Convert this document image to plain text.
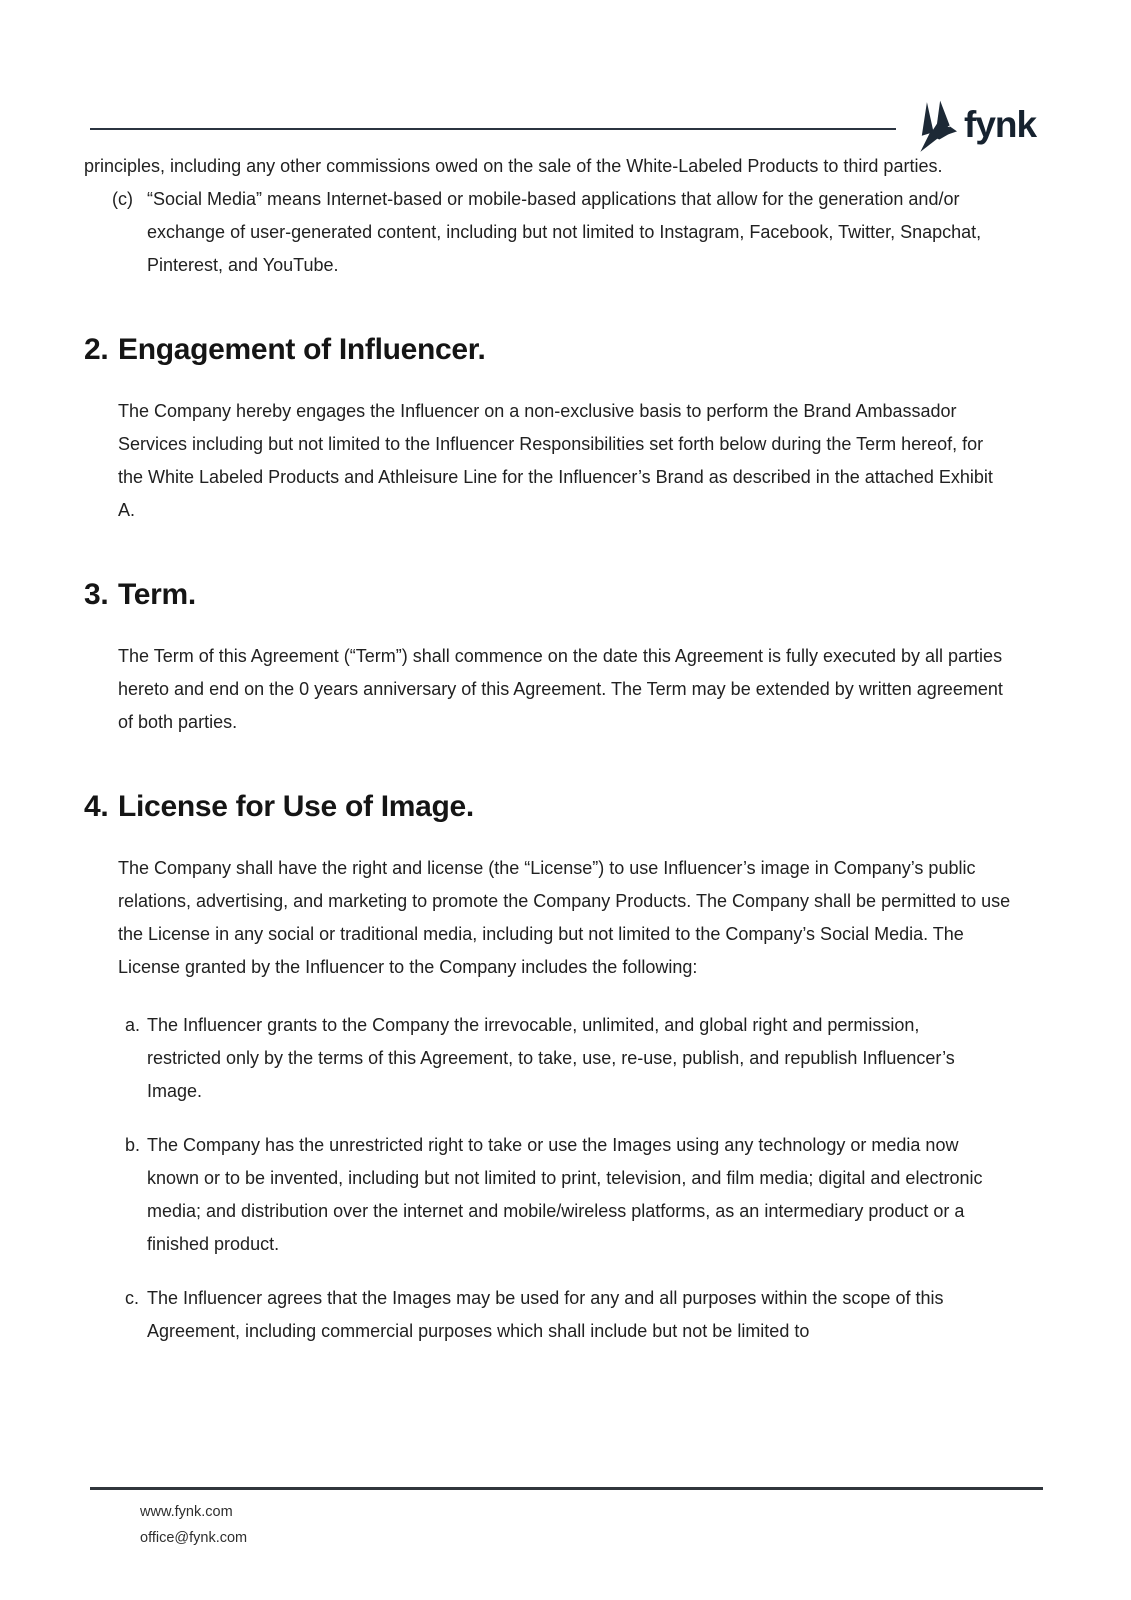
fynk

principles, including any other commissions owed on the sale of the White-Labeled Products to third parties.

(c) “Social Media” means Internet-based or mobile-based applications that allow for the generation and/or exchange of user-generated content, including but not limited to Instagram, Facebook, Twitter, Snapchat, Pinterest, and YouTube.

2. Engagement of Influencer.

The Company hereby engages the Influencer on a non-exclusive basis to perform the Brand Ambassador Services including but not limited to the Influencer Responsibilities set forth below during the Term hereof, for the White Labeled Products and Athleisure Line for the Influencer’s Brand as described in the attached Exhibit A.

3. Term.

The Term of this Agreement (“Term”) shall commence on the date this Agreement is fully executed by all parties hereto and end on the 0 years anniversary of this Agreement. The Term may be extended by written agreement of both parties.

4. License for Use of Image.

The Company shall have the right and license (the “License”) to use Influencer’s image in Company’s public relations, advertising, and marketing to promote the Company Products. The Company shall be permitted to use the License in any social or traditional media, including but not limited to the Company’s Social Media. The License granted by the Influencer to the Company includes the following:

a. The Influencer grants to the Company the irrevocable, unlimited, and global right and permission, restricted only by the terms of this Agreement, to take, use, re-use, publish, and republish Influencer’s Image.

b. The Company has the unrestricted right to take or use the Images using any technology or media now known or to be invented, including but not limited to print, television, and film media; digital and electronic media; and distribution over the internet and mobile/wireless platforms, as an intermediary product or a finished product.

c. The Influencer agrees that the Images may be used for any and all purposes within the scope of this Agreement, including commercial purposes which shall include but not be limited to

www.fynk.com
office@fynk.com
